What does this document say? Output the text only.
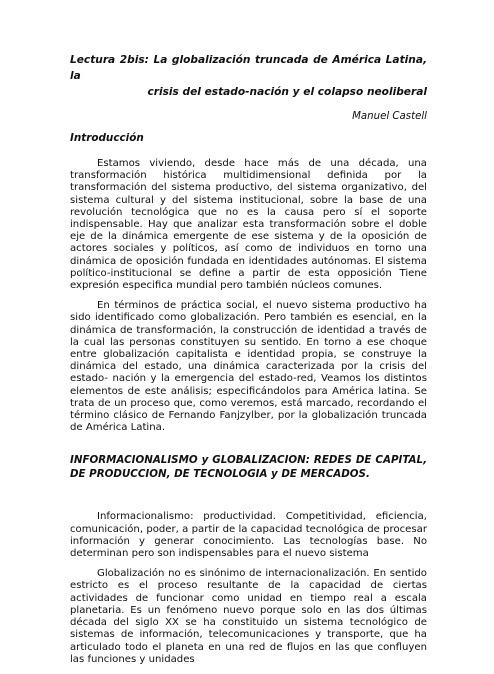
Lectura 2bis: La globalización truncada de América Latina, la
crisis del estado-nación y el colapso neoliberal
Manuel Castell
Introducción

Estamos viviendo, desde hace más de una década, una transformación histórica multidimensional definida por la transformación del sistema productivo, del sistema organizativo, del sistema cultural y del sistema institucional, sobre la base de una revolución tecnológica que no es la causa pero sí el soporte indispensable. Hay que analizar esta transformación sobre el doble eje de la dinámica emergente de ese sistema y de la oposición de actores sociales y políticos, así como de individuos en torno una dinámica de oposición fundada en identidades autónomas. El sistema político-institucional se define a partir de esta opposición Tiene expresión especifica mundial pero también núcleos comunes.

En términos de práctica social, el nuevo sistema productivo ha sido identificado como globalización. Pero también es esencial, en la dinámica de transformación, la construcción de identidad a través de la cual las personas constituyen su sentido. En torno a ese choque entre globalización capitalista e identidad propia, se construye la dinámica del estado, una dinámica caracterizada por la crisis del estado- nación y la emergencia del estado-red, Veamos los distintos elementos de este análisis; especificándolos para América latina. Se trata de un proceso que, como veremos, está marcado, recordando el término clásico de Fernando Fanjzylber, por la globalización truncada de América Latina.

INFORMACIONALISMO y GLOBALIZACION: REDES DE CAPITAL, DE PRODUCCION, DE TECNOLOGIA y DE MERCADOS.

Informacionalismo: productividad. Competitividad, eficiencia, comunicación, poder, a partir de la capacidad tecnológica de procesar información y generar conocimiento. Las tecnologías base. No determinan pero son indispensables para el nuevo sistema

Globalización no es sinónimo de internacionalización. En sentido estricto es el proceso resultante de la capacidad de ciertas actividades de funcionar como unidad en tiempo real a escala planetaria. Es un fenómeno nuevo porque solo en las dos últimas década del siglo XX se ha constituido un sistema tecnológico de sistemas de información, telecomunicaciones y transporte, que ha articulado todo el planeta en una red de flujos en las que confluyen las funciones y unidades
